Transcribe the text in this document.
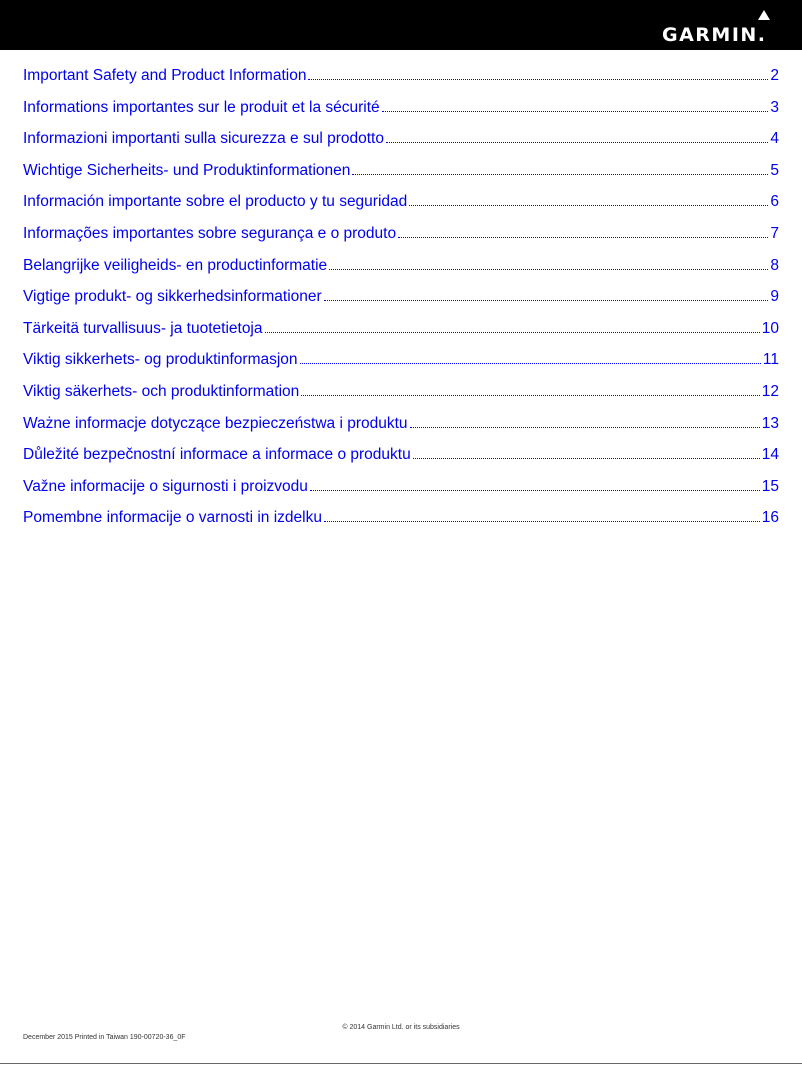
GARMIN.
Important Safety and Product Information	2
Informations importantes sur le produit et la sécurité	3
Informazioni importanti sulla sicurezza e sul prodotto	4
Wichtige Sicherheits- und Produktinformationen	5
Información importante sobre el producto y tu seguridad	6
Informações importantes sobre segurança e o produto	7
Belangrijke veiligheids- en productinformatie	8
Vigtige produkt- og sikkerhedsinformationer	9
Tärkeitä turvallisuus- ja tuotetietoja	10
Viktig sikkerhets- og produktinformasjon	11
Viktig säkerhets- och produktinformation	12
Ważne informacje dotyczące bezpieczeństwa i produktu	13
Důležité bezpečnostní informace a informace o produktu	14
Važne informacije o sigurnosti i proizvodu	15
Pomembne informacije o varnosti in izdelku	16
© 2014 Garmin Ltd. or its subsidiaries
December 2015 Printed in Taiwan 190-00720-36_0F
